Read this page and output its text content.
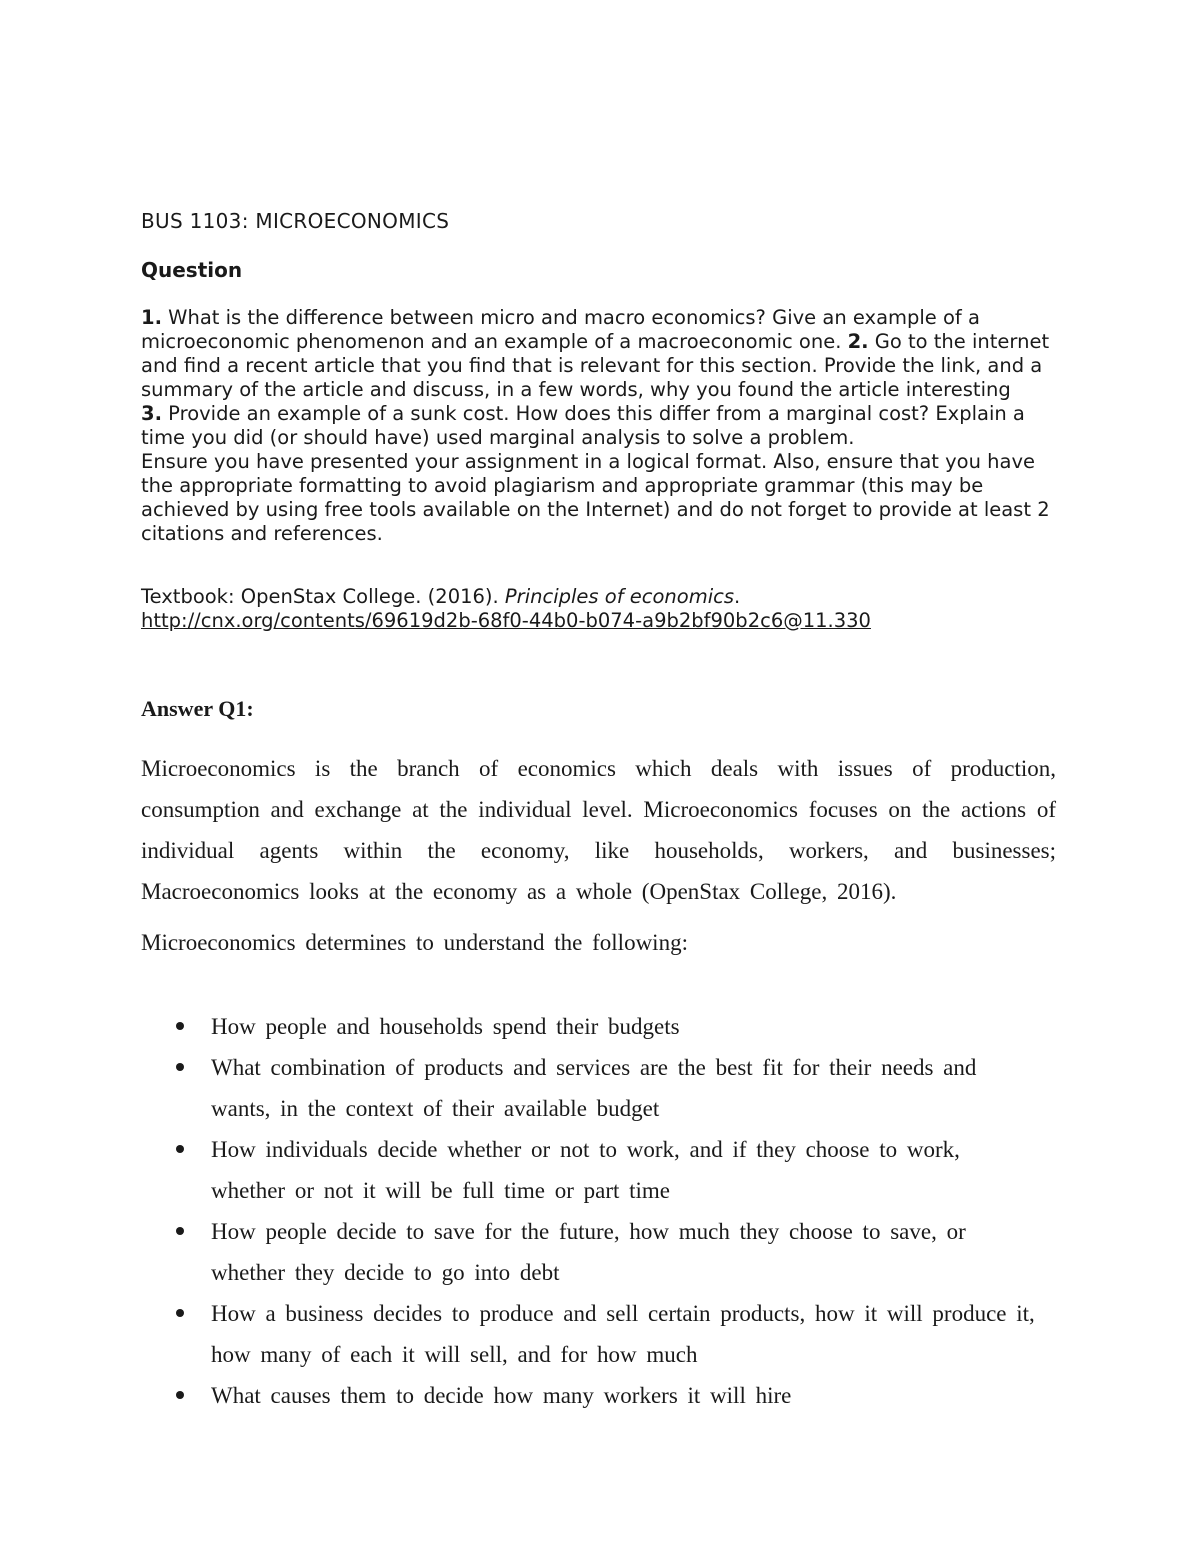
BUS 1103: MICROECONOMICS
Question

1. What is the difference between micro and macro economics? Give an example of a microeconomic phenomenon and an example of a macroeconomic one. 2. Go to the internet and find a recent article that you find that is relevant for this section. Provide the link, and a summary of the article and discuss, in a few words, why you found the article interesting

3. Provide an example of a sunk cost. How does this differ from a marginal cost? Explain a time you did (or should have) used marginal analysis to solve a problem.

Ensure you have presented your assignment in a logical format. Also, ensure that you have the appropriate formatting to avoid plagiarism and appropriate grammar (this may be achieved by using free tools available on the Internet) and do not forget to provide at least 2 citations and references.

Textbook: OpenStax College. (2016). Principles of economics. http://cnx.org/contents/69619d2b-68f0-44b0-b074-a9b2bf90b2c6@11.330

Answer Q1:

Microeconomics is the branch of economics which deals with issues of production, consumption and exchange at the individual level. Microeconomics focuses on the actions of individual agents within the economy, like households, workers, and businesses; Macroeconomics looks at the economy as a whole (OpenStax College, 2016).

Microeconomics determines to understand the following:

How people and households spend their budgets
What combination of products and services are the best fit for their needs and wants, in the context of their available budget
How individuals decide whether or not to work, and if they choose to work, whether or not it will be full time or part time
How people decide to save for the future, how much they choose to save, or whether they decide to go into debt
How a business decides to produce and sell certain products, how it will produce it, how many of each it will sell, and for how much
What causes them to decide how many workers it will hire
